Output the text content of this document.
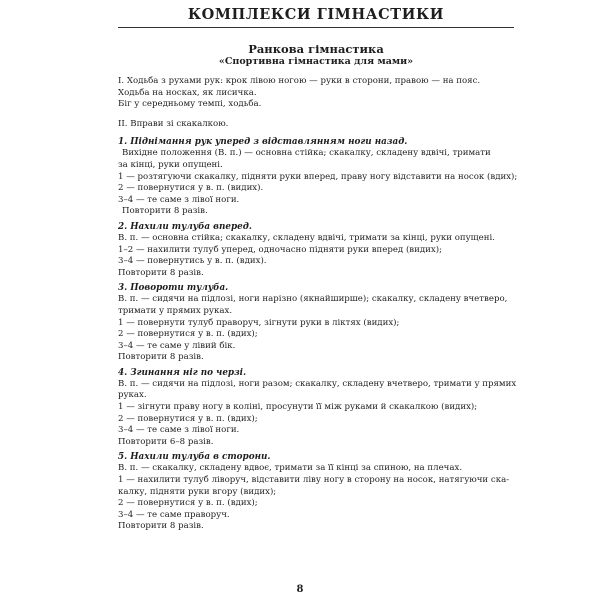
КОМПЛЕКСИ ГІМНАСТИКИ
Ранкова гімнастика
«Спортивна гімнастика для мами»
І. Ходьба з рухами рук: крок лівою ногою — руки в сторони, правою — на пояс.
Ходьба на носках, як лисичка.
Біг у середньому темпі, ходьба.
ІІ. Вправи зі скакалкою.
1. Піднімання рук уперед з відставлянням ноги назад.
Вихідне положення (В. п.) — основна стійка; скакалку, складену вдвічі, тримати
за кінці, руки опущені.
1 — розтягуючи скакалку, підняти руки вперед, праву ногу відставити на носок (вдих);
2 — повернутися у в. п. (видих).
3–4 — те саме з лівої ноги.
Повторити 8 разів.
2. Нахили тулуба вперед.
В. п. — основна стійка; скакалку, складену вдвічі, тримати за кінці, руки опущені.
1–2 — нахилити тулуб уперед, одночасно підняти руки вперед (видих);
3–4 — повернутись у в. п. (вдих).
Повторити 8 разів.
3. Повороти тулуба.
В. п. — сидячи на підлозі, ноги нарізно (якнайширше); скакалку, складену вчетверо,
тримати у прямих руках.
1 — повернути тулуб праворуч, зігнути руки в ліктях (видих);
2 — повернутися у в. п. (вдих);
3–4 — те саме у лівий бік.
Повторити 8 разів.
4. Згинання ніг по черзі.
В. п. — сидячи на підлозі, ноги разом; скакалку, складену вчетверо, тримати у прямих
руках.
1 — зігнути праву ногу в коліні, просунути її між руками й скакалкою (видих);
2 — повернутися у в. п. (вдих);
3–4 — те саме з лівої ноги.
Повторити 6–8 разів.
5. Нахили тулуба в сторони.
В. п. — скакалку, складену вдвоє, тримати за її кінці за спиною, на плечах.
1 — нахилити тулуб ліворуч, відставити ліву ногу в сторону на носок, натягуючи ска-
калку, підняти руки вгору (видих);
2 — повернутися у в. п. (вдих);
3–4 — те саме праворуч.
Повторити 8 разів.
8
